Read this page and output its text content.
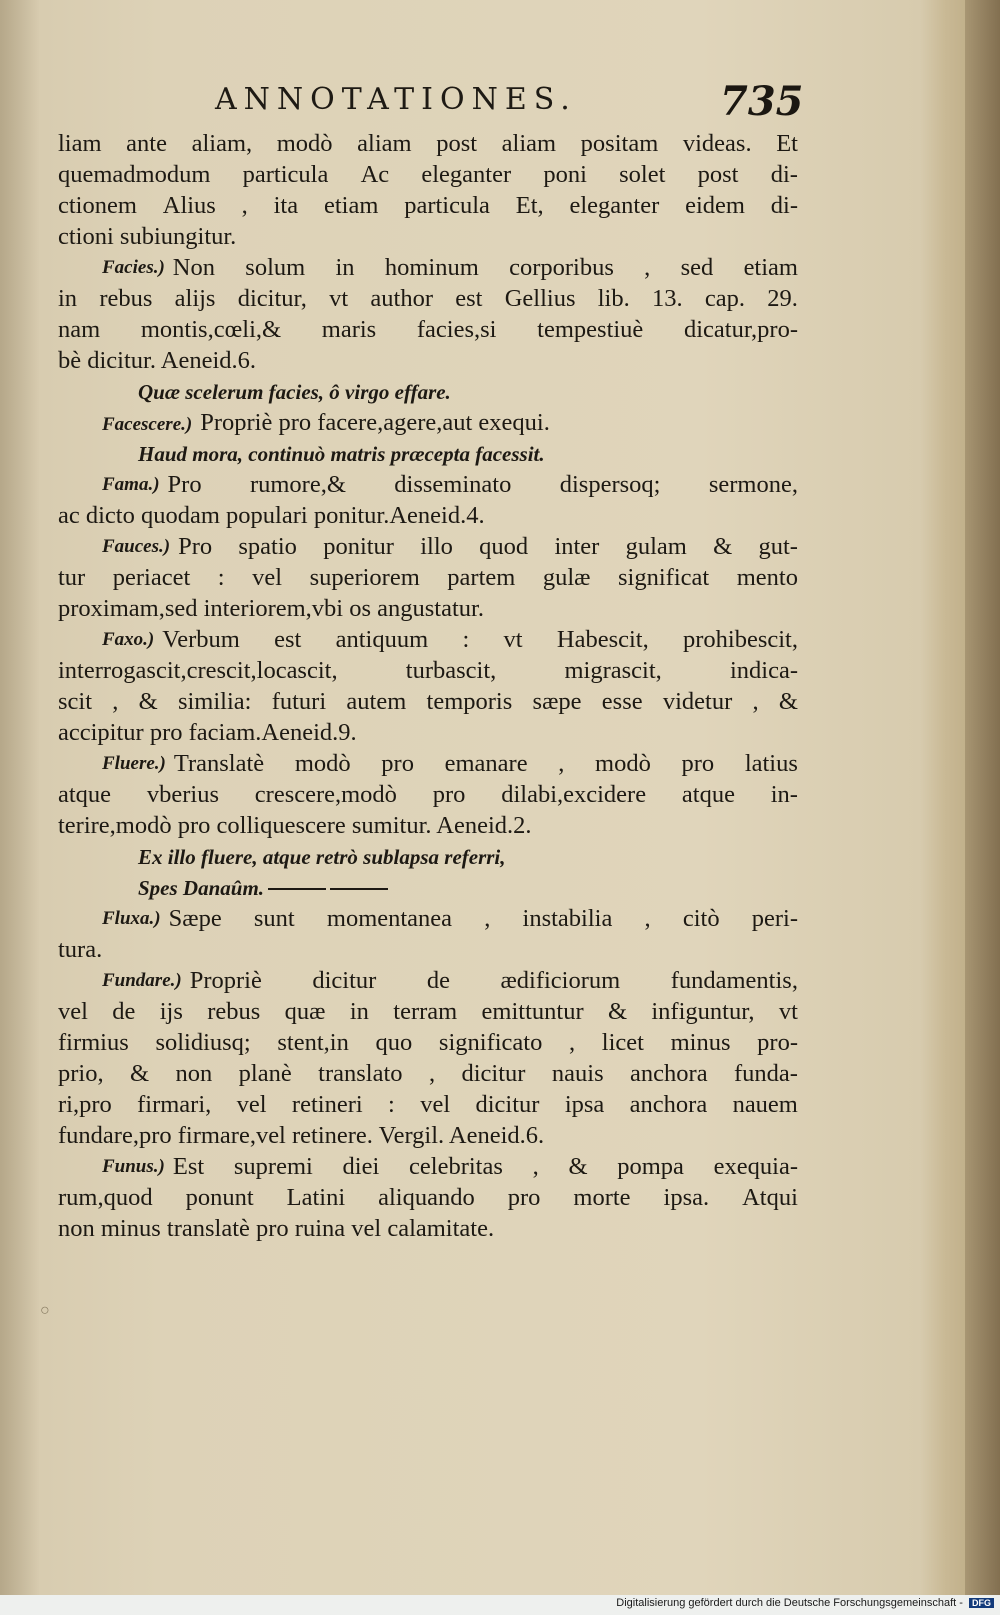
ANNOTATIONES.	735
liam ante aliam, modò aliam post aliam positam videas. Et
quemadmodum particula Ac eleganter poni solet post di-
ctionem Alius , ita etiam particula Et, eleganter eidem di-
ctioni subiungitur.
Facies.) Non solum in hominum corporibus , sed etiam
in rebus alijs dicitur, vt author est Gellius lib. 13. cap. 29.
nam montis,cœli,& maris facies,si tempestiuè dicatur,pro-
bè dicitur. Aeneid.6.
Quæ scelerum facies, ô virgo effare.
Facescere.) Propriè pro facere,agere,aut exequi.
Haud mora, continuò matris præcepta facessit.
Fama.) Pro rumore,& disseminato dispersoq; sermone,
ac dicto quodam populari ponitur.Aeneid.4.
Fauces.) Pro spatio ponitur illo quod inter gulam & gut-
tur periacet : vel superiorem partem gulæ significat mento
proximam,sed interiorem,vbi os angustatur.
Faxo.) Verbum est antiquum : vt Habescit, prohibescit,
interrogascit,crescit,locascit,	turbascit,	migrascit,	indica-
scit , & similia: futuri autem temporis sæpe esse videtur , &
accipitur pro faciam.Aeneid.9.
Fluere.) Translatè modò pro emanare , modò pro latius
atque vberius crescere,modò pro dilabi,excidere atque in-
terire,modò pro colliquescere sumitur. Aeneid.2.
Ex illo fluere, atque retrò sublapsa referri,
Spes Danaûm.
Fluxa.) Sæpe sunt momentanea , instabilia , citò peri-
tura.
Fundare.) Propriè dicitur de ædificiorum fundamentis,
vel de ijs rebus quæ in terram emittuntur & infiguntur, vt
firmius solidiusq; stent,in quo significato , licet minus pro-
prio, & non planè translato , dicitur nauis anchora funda-
ri,pro firmari, vel retineri : vel dicitur ipsa anchora nauem
fundare,pro firmare,vel retinere. Vergil. Aeneid.6.
Funus.) Est supremi diei celebritas , & pompa exequia-
rum,quod ponunt Latini aliquando pro morte ipsa. Atqui
non minus translatè pro ruina vel calamitate.
○
Digitalisierung gefördert durch die Deutsche Forschungsgemeinschaft - DFG
